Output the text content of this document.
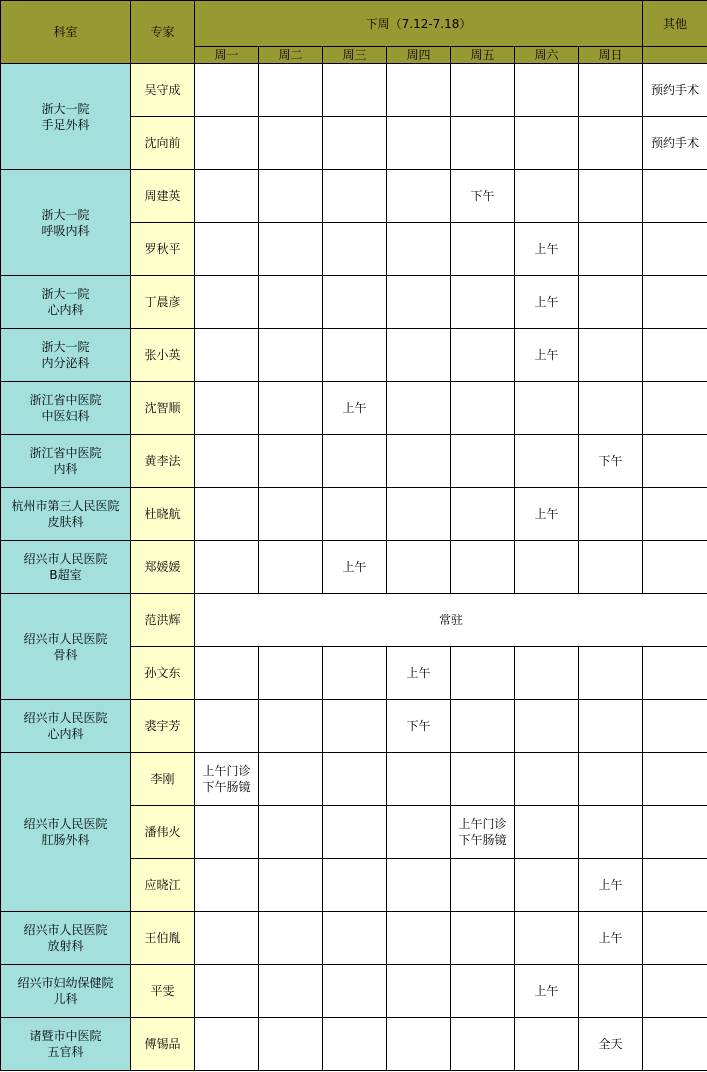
科室	专家	下周（7.12-7.18）							其他
		周一	周二	周三	周四	周五	周六	周日	
浙大一院
手足外科	吴守成								预约手术
	沈向前								预约手术
浙大一院
呼吸内科	周建英					下午			
	罗秋平						上午		
浙大一院
心内科	丁晨彦						上午		
浙大一院
内分泌科	张小英						上午		
浙江省中医院
中医妇科	沈智顺			上午					
浙江省中医院
内科	黄李法							下午	
杭州市第三人民医院
皮肤科	杜晓航						上午		
绍兴市人民医院
B超室	郑媛媛			上午					
绍兴市人民医院
骨科	范洪辉	常驻							
	孙文东				上午				
绍兴市人民医院
心内科	裘宇芳				下午				
绍兴市人民医院
肛肠外科	李刚	上午门诊
下午肠镜							
	潘伟火					上午门诊
下午肠镜			
	应晓江							上午	
绍兴市人民医院
放射科	王伯胤							上午	
绍兴市妇幼保健院
儿科	平雯						上午		
诸暨市中医院
五官科	傅锡品							全天	
